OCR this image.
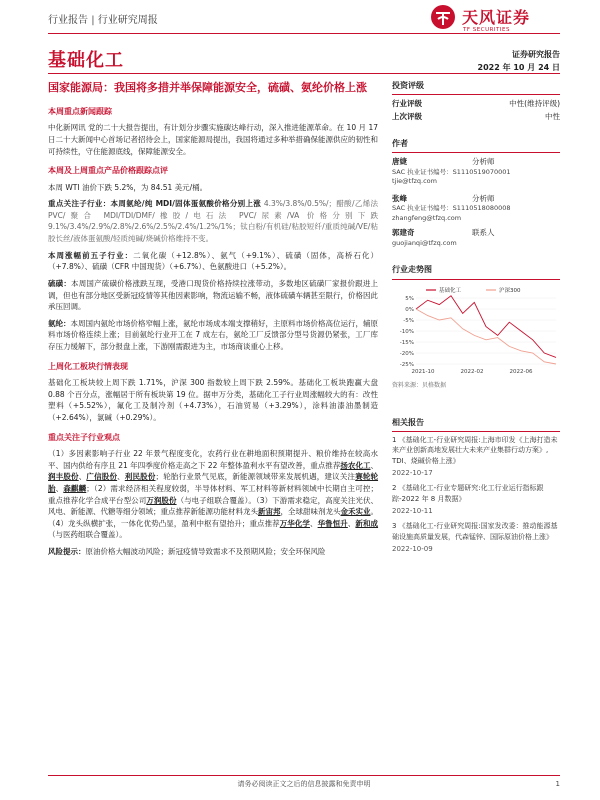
行业报告 | 行业研究周报	天风证券
TF SECURITIES
基础化工	证券研究报告
2022 年 10 月 24 日
国家能源局：我国将多措并举保障能源安全，硫磺、氨纶价格上涨
本周重点新闻跟踪
中化新网讯 党的二十大报告提出，有计划分步骤实施碳达峰行动，深入推进能源革命。在 10 月 17 日二十大新闻中心首场记者招待会上，国家能源局提出，我国将通过多种举措确保能源供应的韧性和可持续性，守住能源底线，保障能源安全。
本周及上周重点产品价格跟踪点评
本周 WTI 油价下跌 5.2%，为 84.51 美元/桶。
重点关注子行业：本周氨纶/纯 MDI/固体蛋氨酸价格分别上涨 4.3%/3.8%/0.5%/；醋酸/乙烯法 PVC/聚合 MDI/TDI/DMF/橡胶/电石法 PVC/尿素/VA 价格分别下跌 9.1%/3.4%/2.9%/2.8%/2.6%/2.5%/2.4%/1.2%/1%；钛白粉/有机硅/粘胶短纤/重质纯碱/VE/粘胶长丝/液体蛋氨酸/轻质纯碱/烧碱价格维持不变。
本周涨幅前五子行业：二氧化碳（+12.8%）、氨气（+9.1%）、硫磺（固体，高桥石化）（+7.8%）、硫磺（CFR 中国现货）（+6.7%）、色氨酸进口（+5.2%）。
硫磺：本周国产硫磺价格涨跌互现，受港口现货价格持续拉涨带动，多数地区硫磺厂家报价跟进上调，但也有部分地区受新冠疫情等其他因素影响，物流运输不畅，液体硫磺车辆甚至限行，价格因此承压回调。
氨纶：本周国内氨纶市场价格窄幅上涨，氨纶市场成本端支撑稍好，主原料市场价格高位运行，辅原料市场价格连续上涨；目前氨纶行业开工在 7 成左右，氨纶工厂反馈部分型号货源仍紧张，工厂库存压力缓解下，部分报盘上涨，下游刚需跟进为主，市场商谈重心上移。
上周化工板块行情表现
基础化工板块较上周下跌 1.71%，沪深 300 指数较上周下跌 2.59%。基础化工板块跑赢大盘 0.88 个百分点，涨幅居于所有板块第 19 位。据申万分类，基础化工子行业周涨幅较大的有：改性塑料（+5.52%），氟化工及制冷剂（+4.73%），石油贸易（+3.29%），涂料油漆油墨制造（+2.64%），氯碱（+0.29%）。
重点关注子行业观点
（1）多因素影响子行业 22 年景气程度变化，农药行业在耕地面积预期提升、粮价维持在较高水平、国内供给有序且 21 年四季度价格走高之下 22 年整体盈利水平有望改善，重点推荐扬农化工、润丰股份、广信股份、利民股份；轮胎行业景气见底，新能源领域带来发展机遇，建议关注赛轮轮胎、森麒麟；（2）需求经济相关程度较弱，半导体材料、军工材料等新材料领域中长期自主可控；重点推荐化学合成平台型公司万润股份（与电子组联合覆盖）。（3）下游需求稳定，高度关注光伏、风电、新能源、代糖等细分领域；重点推荐新能源功能材料龙头新宙邦，全球甜味剂龙头金禾实业。（4）龙头纵横扩张，一体化优势凸显，盈利中枢有望抬升；重点推荐万华化学、华鲁恒升、新和成（与医药组联合覆盖）。
风险提示：原油价格大幅波动风险；新冠疫情导致需求不及预期风险；安全环保风险
投资评级
行业评级	中性(维持评级)
上次评级	中性
作者
唐婕	分析师
SAC 执业证书编号：S1110519070001
tjie@tfzq.com
张峰	分析师
SAC 执业证书编号：S1110518080008
zhangfeng@tfzq.com
郭建奇	联系人
guojianqi@tfzq.com
行业走势图
5%
0%
-5%
-10%
-15%
-20%
-25%
2021-10	2022-02	2022-06
基础化工	沪深300
资料来源：贝格数据
相关报告
1 《基础化工-行业研究周报:上海市印发《上海打造未来产业创新高地发展壮大未来产业集群行动方案》, TDI、烧碱价格上涨》
2022-10-17
2 《基础化工-行业专题研究:化工行业运行指标跟踪-2022 年 8 月数据》
2022-10-11
3 《基础化工-行业研究周报:国家发改委：推动能源基础设施高质量发展，代森锰锌、国际原油价格上涨》
2022-10-09
请务必阅读正文之后的信息披露和免责申明	1
